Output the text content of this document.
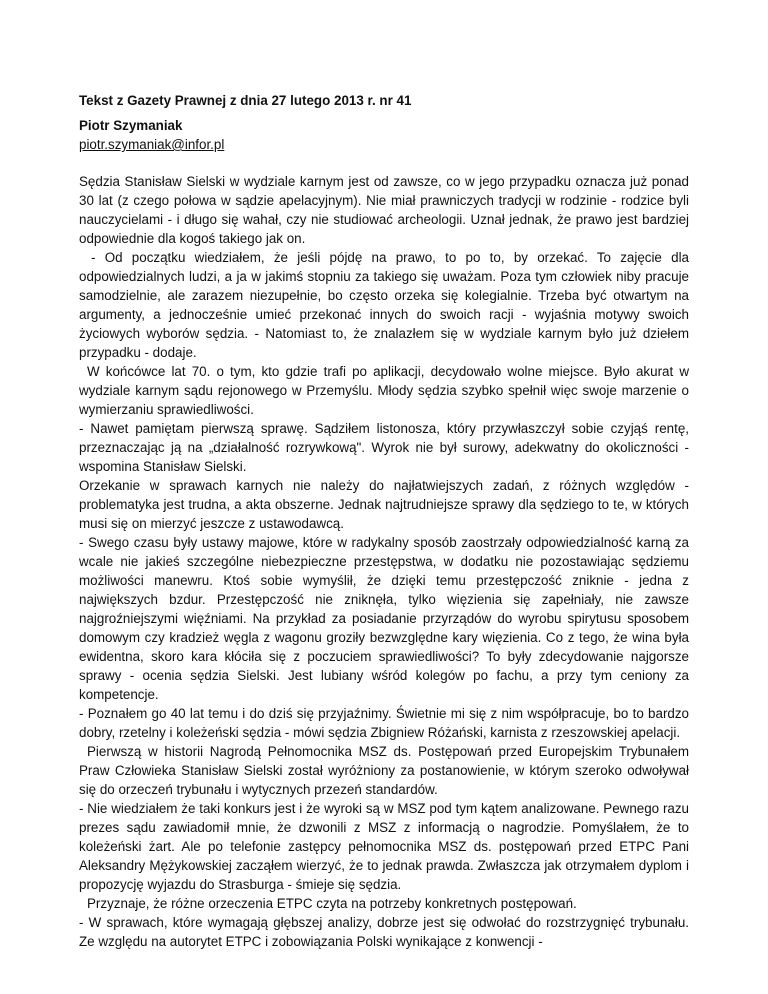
Tekst z Gazety Prawnej z dnia 27 lutego 2013 r. nr 41

Piotr Szymaniak

piotr.szymaniak@infor.pl

Sędzia Stanisław Sielski w wydziale karnym jest od zawsze, co w jego przypadku oznacza już ponad 30 lat (z czego połowa w sądzie apelacyjnym). Nie miał prawniczych tradycji w rodzinie - rodzice byli nauczycielami - i długo się wahał, czy nie studiować archeologii. Uznał jednak, że prawo jest bardziej odpowiednie dla kogoś takiego jak on.

- Od początku wiedziałem, że jeśli pójdę na prawo, to po to, by orzekać. To zajęcie dla odpowiedzialnych ludzi, a ja w jakimś stopniu za takiego się uważam. Poza tym człowiek niby pracuje samodzielnie, ale zarazem niezupełnie, bo często orzeka się kolegialnie. Trzeba być otwartym na argumenty, a jednocześnie umieć przekonać innych do swoich racji - wyjaśnia motywy swoich życiowych wyborów sędzia. - Natomiast to, że znalazłem się w wydziale karnym było już dziełem przypadku - dodaje.

W końcówce lat 70. o tym, kto gdzie trafi po aplikacji, decydowało wolne miejsce. Było akurat w wydziale karnym sądu rejonowego w Przemyślu. Młody sędzia szybko spełnił więc swoje marzenie o wymierzaniu sprawiedliwości.

- Nawet pamiętam pierwszą sprawę. Sądziłem listonosza, który przywłaszczył sobie czyjąś rentę, przeznaczając ją na „działalność rozrywkową". Wyrok nie był surowy, adekwatny do okoliczności - wspomina Stanisław Sielski.

Orzekanie w sprawach karnych nie należy do najłatwiejszych zadań, z różnych względów - problematyka jest trudna, a akta obszerne. Jednak najtrudniejsze sprawy dla sędziego to te, w których musi się on mierzyć jeszcze z ustawodawcą.

- Swego czasu były ustawy majowe, które w radykalny sposób zaostrzały odpowiedzialność karną za wcale nie jakieś szczególne niebezpieczne przestępstwa, w dodatku nie pozostawiając sędziemu możliwości manewru. Ktoś sobie wymyślił, że dzięki temu przestępczość zniknie - jedna z największych bzdur. Przestępczość nie zniknęła, tylko więzienia się zapełniały, nie zawsze najgroźniejszymi więźniami. Na przykład za posiadanie przyrządów do wyrobu spirytusu sposobem domowym czy kradzież węgla z wagonu groziły bezwzględne kary więzienia. Co z tego, że wina była ewidentna, skoro kara kłóciła się z poczuciem sprawiedliwości? To były zdecydowanie najgorsze sprawy - ocenia sędzia Sielski. Jest lubiany wśród kolegów po fachu, a przy tym ceniony za kompetencje.

- Poznałem go 40 lat temu i do dziś się przyjaźnimy. Świetnie mi się z nim współpracuje, bo to bardzo dobry, rzetelny i koleżeński sędzia - mówi sędzia Zbigniew Różański, karnista z rzeszowskiej apelacji.

Pierwszą w historii Nagrodą Pełnomocnika MSZ ds. Postępowań przed Europejskim Trybunałem Praw Człowieka Stanisław Sielski został wyróżniony za postanowienie, w którym szeroko odwoływał się do orzeczeń trybunału i wytycznych przezeń standardów.

- Nie wiedziałem że taki konkurs jest i że wyroki są w MSZ pod tym kątem analizowane. Pewnego razu prezes sądu zawiadomił mnie, że dzwonili z MSZ z informacją o nagrodzie. Pomyślałem, że to koleżeński żart. Ale po telefonie zastępcy pełnomocnika MSZ ds. postępowań przed ETPC Pani Aleksandry Mężykowskiej zacząłem wierzyć, że to jednak prawda. Zwłaszcza jak otrzymałem dyplom i propozycję wyjazdu do Strasburga - śmieje się sędzia.

Przyznaje, że różne orzeczenia ETPC czyta na potrzeby konkretnych postępowań.

- W sprawach, które wymagają głębszej analizy, dobrze jest się odwołać do rozstrzygnięć trybunału. Ze względu na autorytet ETPC i zobowiązania Polski wynikające z konwencji -
